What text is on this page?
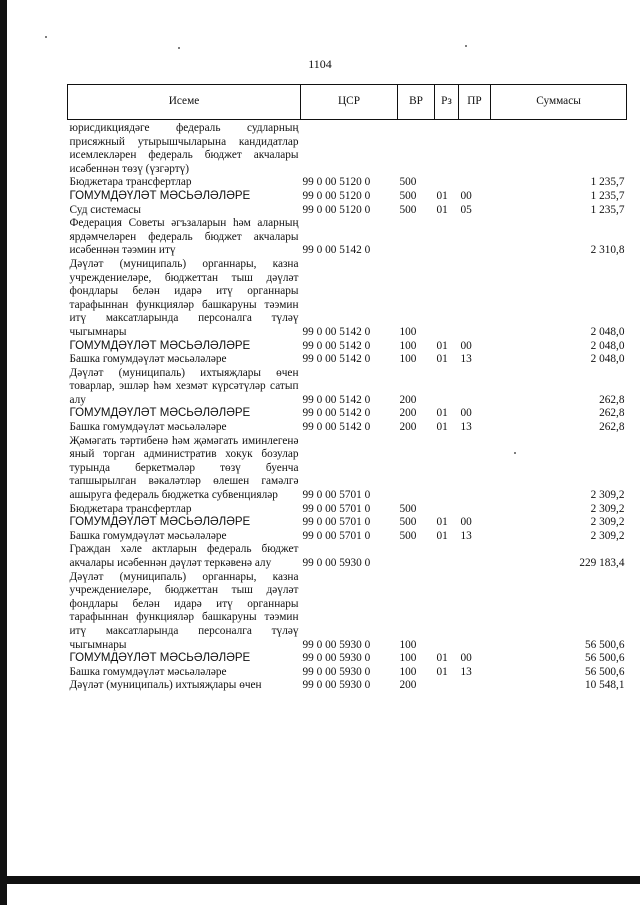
1104
Исеме	ЦСР	ВР	Рз	ПР	Суммасы
юрисдикциядәге федераль судларның присяжный утырышчыларына кандидатлар исемлекләрен федераль бюджет акчалары исәбеннән төзү (үзгәртү)					
Бюджетара трансфертлар	99 0 00 5120 0	500			1 235,7
ГОМУМДӘҮЛӘТ МӘСЬӘЛӘЛӘРЕ	99 0 00 5120 0	500	01	00	1 235,7
Суд системасы	99 0 00 5120 0	500	01	05	1 235,7
Федерация Советы әгъзаларын һәм аларның ярдәмчеләрен федераль бюджет акчалары исәбеннән тәэмин итү	99 0 00 5142 0				2 310,8
Дәүләт (муниципаль) органнары, казна учреждениеләре, бюджеттан тыш дәүләт фондлары белән идарә итү органнары тарафыннан функцияләр башкаруны тәэмин итү максатларында персоналга түләү чыгымнары	99 0 00 5142 0	100			2 048,0
ГОМУМДӘҮЛӘТ МӘСЬӘЛӘЛӘРЕ	99 0 00 5142 0	100	01	00	2 048,0
Башка гомумдәүләт мәсьәләләре	99 0 00 5142 0	100	01	13	2 048,0
Дәүләт (муниципаль) ихтыяҗлары өчен товарлар, эшләр һәм хезмәт күрсәтүләр сатып алу	99 0 00 5142 0	200			262,8
ГОМУМДӘҮЛӘТ МӘСЬӘЛӘЛӘРЕ	99 0 00 5142 0	200	01	00	262,8
Башка гомумдәүләт мәсьәләләре	99 0 00 5142 0	200	01	13	262,8
Җәмәгать тәртибенә һәм җәмәгать иминлегенә яный торган административ хокук бозулар турында беркетмәләр төзү буенча тапшырылган вәкаләтләр өлешен гамәлгә ашыруга федераль бюджетка субвенцияләр	99 0 00 5701 0				2 309,2
Бюджетара трансфертлар	99 0 00 5701 0	500			2 309,2
ГОМУМДӘҮЛӘТ МӘСЬӘЛӘЛӘРЕ	99 0 00 5701 0	500	01	00	2 309,2
Башка гомумдәүләт мәсьәләләре	99 0 00 5701 0	500	01	13	2 309,2
Граждан хәле актларын федераль бюджет акчалары исәбеннән дәүләт теркәвенә алу	99 0 00 5930 0				229 183,4
Дәүләт (муниципаль) органнары, казна учреждениеләре, бюджеттан тыш дәүләт фондлары белән идарә итү органнары тарафыннан функцияләр башкаруны тәэмин итү максатларында персоналга түләү чыгымнары	99 0 00 5930 0	100			56 500,6
ГОМУМДӘҮЛӘТ МӘСЬӘЛӘЛӘРЕ	99 0 00 5930 0	100	01	00	56 500,6
Башка гомумдәүләт мәсьәләләре	99 0 00 5930 0	100	01	13	56 500,6
Дәүләт (муниципаль) ихтыяҗлары өчен	99 0 00 5930 0	200			10 548,1
